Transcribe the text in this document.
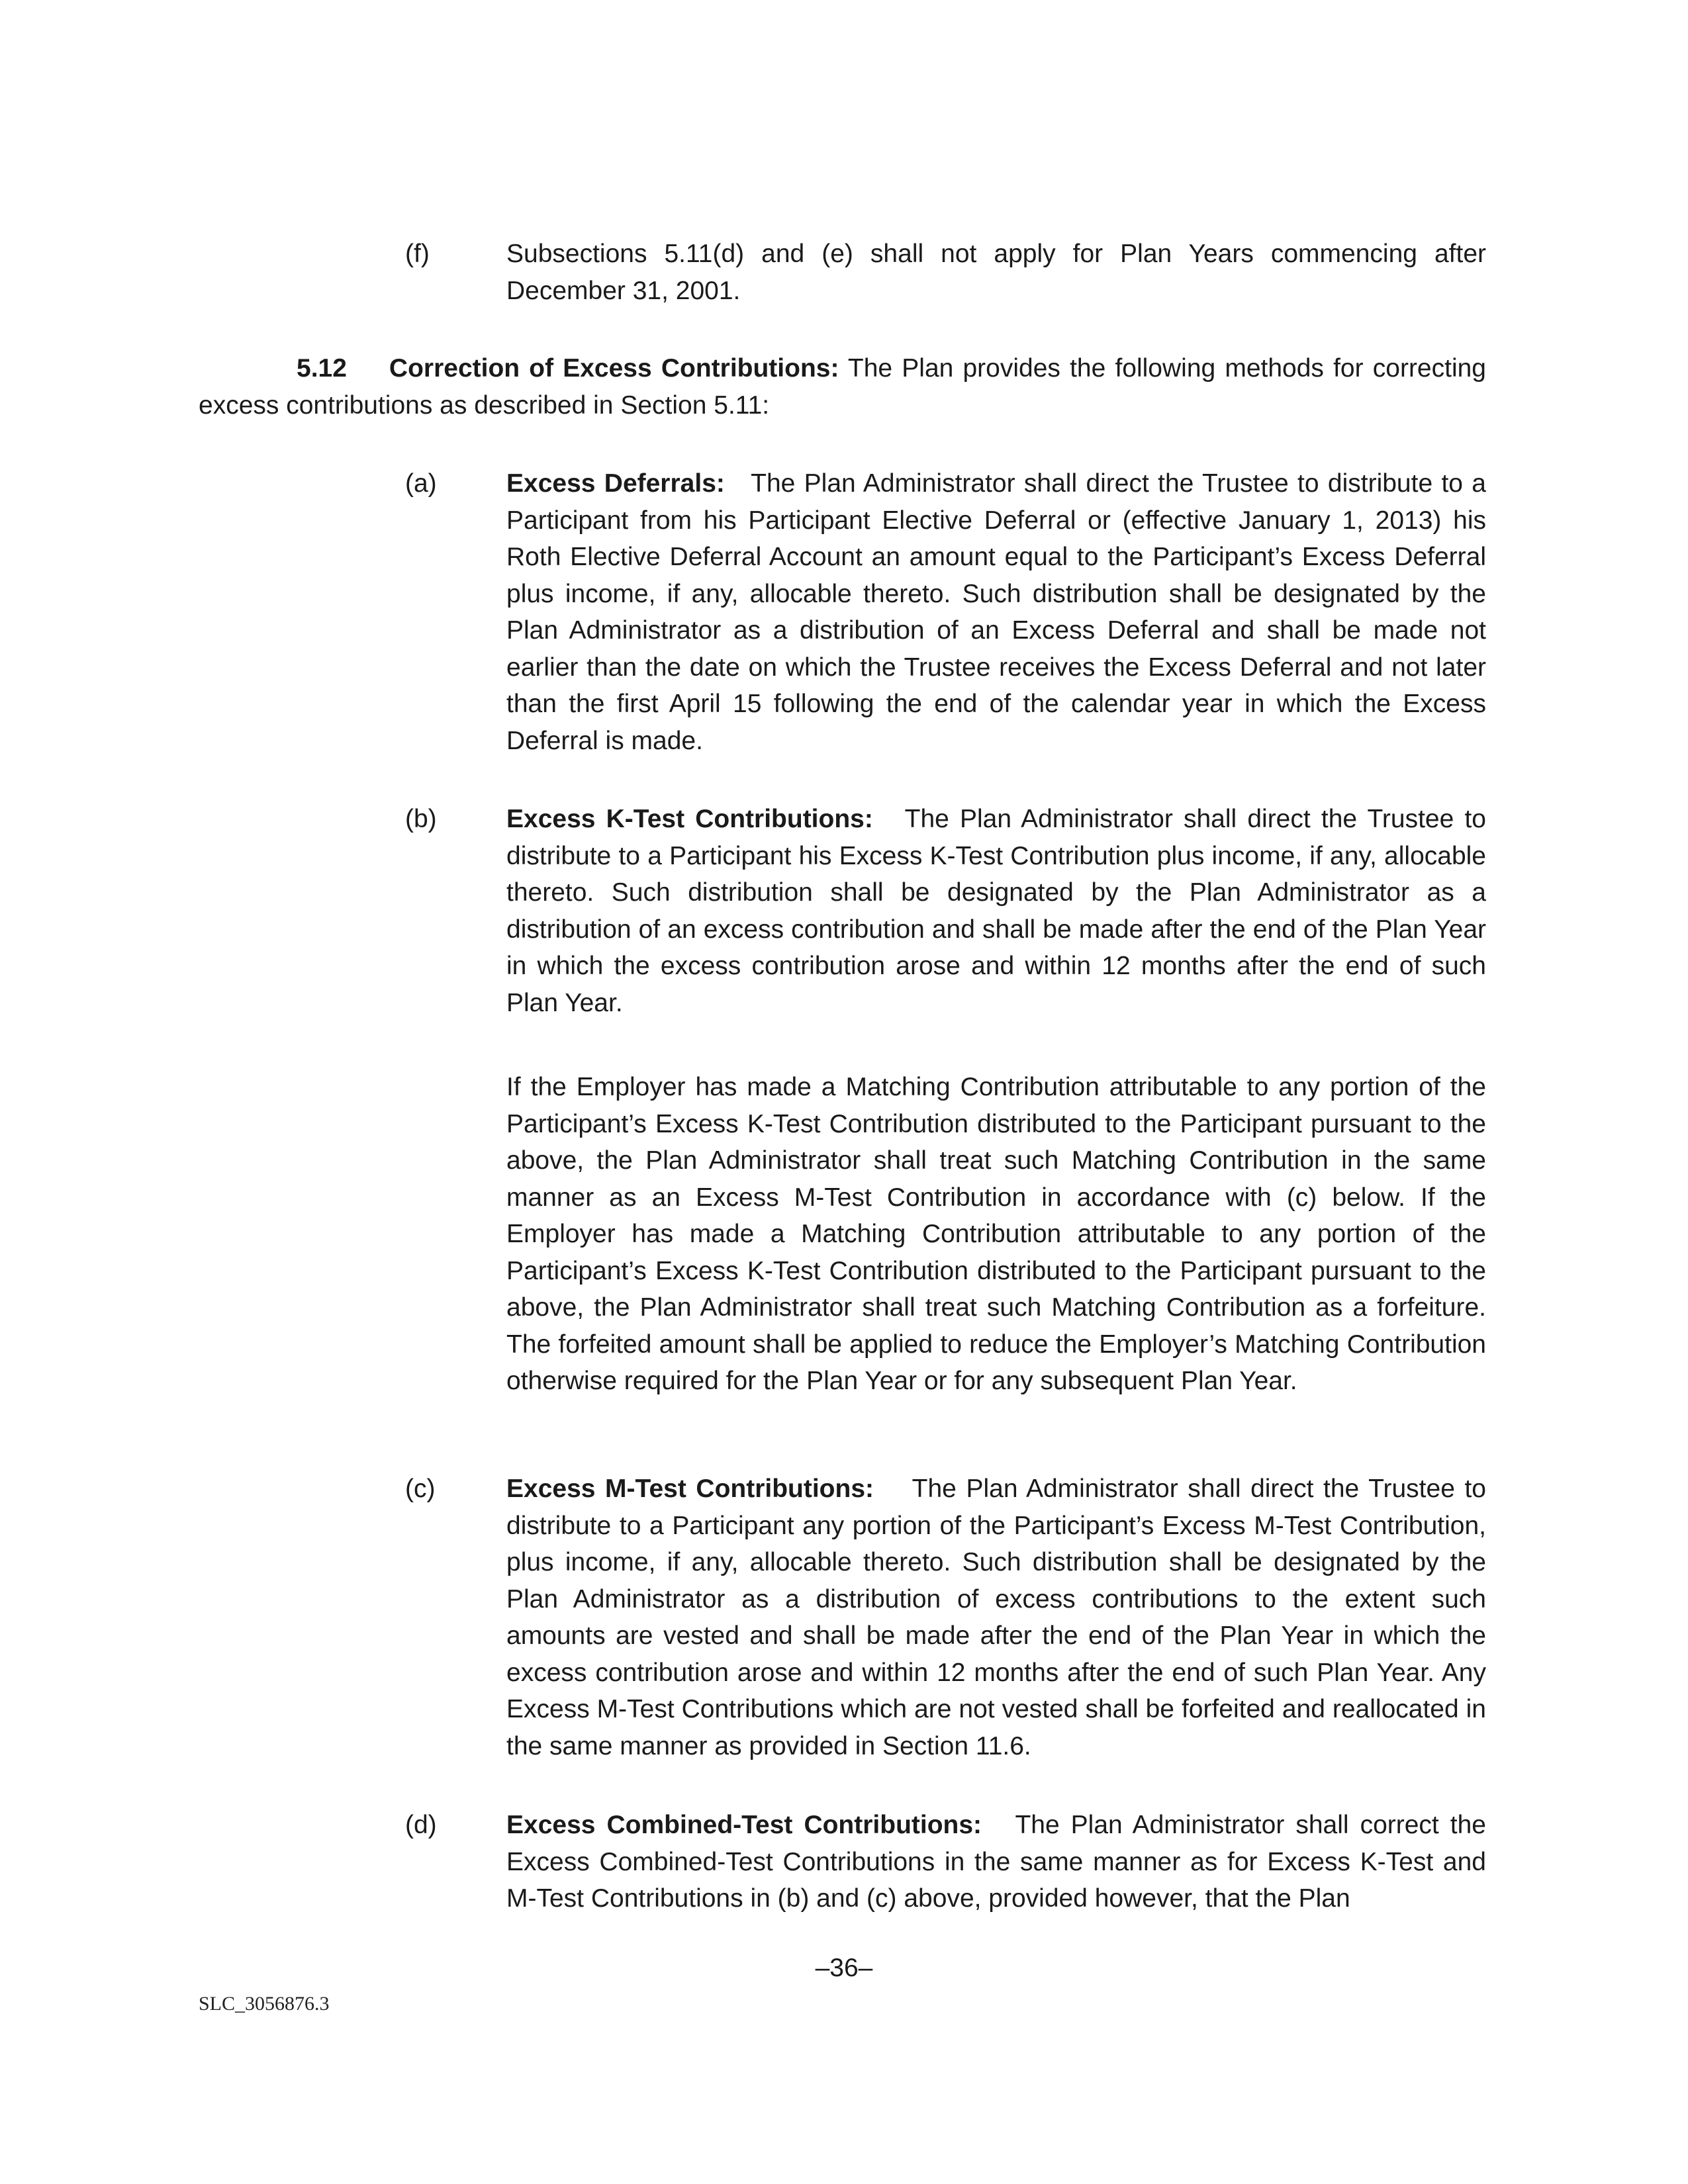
(f)	Subsections 5.11(d) and (e) shall not apply for Plan Years commencing after December 31, 2001.
5.12 Correction of Excess Contributions: The Plan provides the following methods for correcting excess contributions as described in Section 5.11:
(a)	Excess Deferrals: The Plan Administrator shall direct the Trustee to distribute to a Participant from his Participant Elective Deferral or (effective January 1, 2013) his Roth Elective Deferral Account an amount equal to the Participant’s Excess Deferral plus income, if any, allocable thereto. Such distribution shall be designated by the Plan Administrator as a distribution of an Excess Deferral and shall be made not earlier than the date on which the Trustee receives the Excess Deferral and not later than the first April 15 following the end of the calendar year in which the Excess Deferral is made.
(b)	Excess K-Test Contributions: The Plan Administrator shall direct the Trustee to distribute to a Participant his Excess K-Test Contribution plus income, if any, allocable thereto. Such distribution shall be designated by the Plan Administrator as a distribution of an excess contribution and shall be made after the end of the Plan Year in which the excess contribution arose and within 12 months after the end of such Plan Year.
If the Employer has made a Matching Contribution attributable to any portion of the Participant’s Excess K-Test Contribution distributed to the Participant pursuant to the above, the Plan Administrator shall treat such Matching Contribution in the same manner as an Excess M-Test Contribution in accordance with (c) below. If the Employer has made a Matching Contribution attributable to any portion of the Participant’s Excess K-Test Contribution distributed to the Participant pursuant to the above, the Plan Administrator shall treat such Matching Contribution as a forfeiture. The forfeited amount shall be applied to reduce the Employer’s Matching Contribution otherwise required for the Plan Year or for any subsequent Plan Year.
(c)	Excess M-Test Contributions: The Plan Administrator shall direct the Trustee to distribute to a Participant any portion of the Participant’s Excess M-Test Contribution, plus income, if any, allocable thereto. Such distribution shall be designated by the Plan Administrator as a distribution of excess contributions to the extent such amounts are vested and shall be made after the end of the Plan Year in which the excess contribution arose and within 12 months after the end of such Plan Year. Any Excess M-Test Contributions which are not vested shall be forfeited and reallocated in the same manner as provided in Section 11.6.
(d)	Excess Combined-Test Contributions: The Plan Administrator shall correct the Excess Combined-Test Contributions in the same manner as for Excess K-Test and M-Test Contributions in (b) and (c) above, provided however, that the Plan
–36–
SLC_3056876.3
